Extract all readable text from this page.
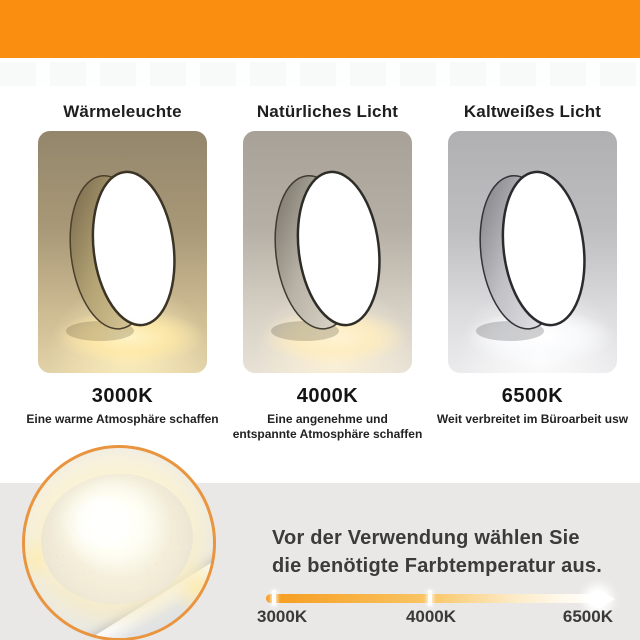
Wärmeleuchte
3000K
Eine warme Atmosphäre schaffen
Natürliches Licht
4000K
Eine angenehme und
entspannte Atmosphäre schaffen
Kaltweißes Licht
6500K
Weit verbreitet im Büroarbeit usw
Vor der Verwendung wählen Sie
die benötigte Farbtemperatur aus.
3000K	4000K	6500K
